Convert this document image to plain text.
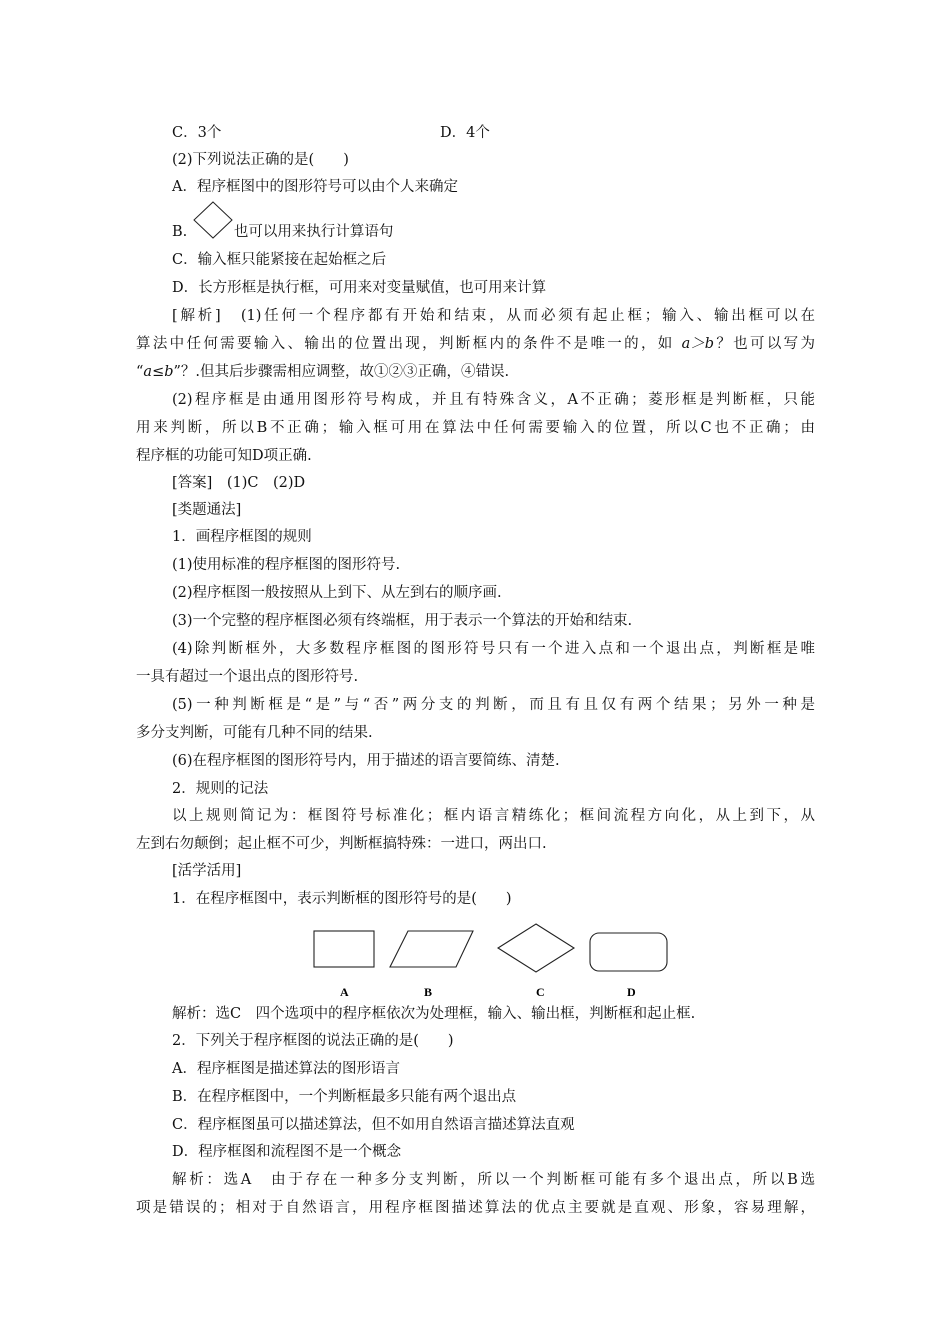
C．3个	D．4个
(2)下列说法正确的是(　　)
A．程序框图中的图形符号可以由个人来确定
B.	也可以用来执行计算语句
C．输入框只能紧接在起始框之后
D．长方形框是执行框，可用来对变量赋值，也可用来计算
[解析]　(1)任何一个程序都有开始和结束，从而必须有起止框；输入、输出框可以在
算法中任何需要输入、输出的位置出现，判断框内的条件不是唯一的，如 a＞b？也可以写为
“a≤b”？.但其后步骤需相应调整，故①②③正确，④错误.
(2)程序框是由通用图形符号构成，并且有特殊含义，A不正确；菱形框是判断框，只能
用来判断，所以B不正确；输入框可用在算法中任何需要输入的位置，所以C也不正确；由
程序框的功能可知D项正确.
[答案]　(1)C　(2)D
[类题通法]
1．画程序框图的规则
(1)使用标准的程序框图的图形符号.
(2)程序框图一般按照从上到下、从左到右的顺序画.
(3)一个完整的程序框图必须有终端框，用于表示一个算法的开始和结束.
(4)除判断框外，大多数程序框图的图形符号只有一个进入点和一个退出点，判断框是唯
一具有超过一个退出点的图形符号.
(5)一种判断框是“是”与“否”两分支的判断，而且有且仅有两个结果；另外一种是
多分支判断，可能有几种不同的结果.
(6)在程序框图的图形符号内，用于描述的语言要简练、清楚.
2．规则的记法
以上规则简记为：框图符号标准化；框内语言精练化；框间流程方向化，从上到下，从
左到右勿颠倒；起止框不可少，判断框搞特殊：一进口，两出口.
[活学活用]
1．在程序框图中，表示判断框的图形符号的是(　　)
A	B	C	D
解析：选C　四个选项中的程序框依次为处理框，输入、输出框，判断框和起止框.
2．下列关于程序框图的说法正确的是(　　)
A．程序框图是描述算法的图形语言
B．在程序框图中，一个判断框最多只能有两个退出点
C．程序框图虽可以描述算法，但不如用自然语言描述算法直观
D．程序框图和流程图不是一个概念
解析：选A　由于存在一种多分支判断，所以一个判断框可能有多个退出点，所以B选
项是错误的；相对于自然语言，用程序框图描述算法的优点主要就是直观、形象，容易理解，
